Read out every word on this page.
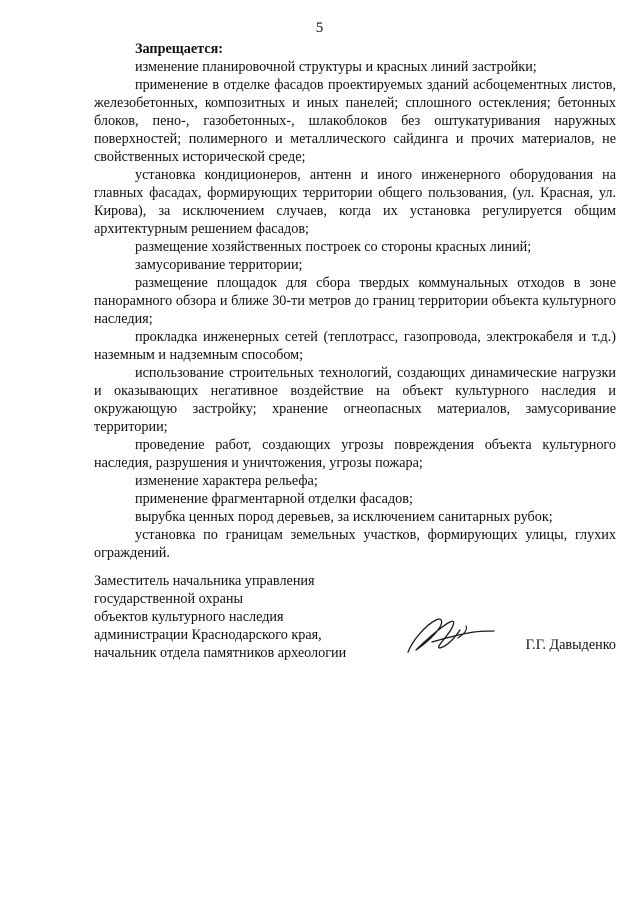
5

Запрещается:

изменение планировочной структуры и красных линий застройки;

применение в отделке фасадов проектируемых зданий асбоцементных листов, железобетонных, композитных и иных панелей; сплошного остекления; бетонных блоков, пено-, газобетонных-, шлакоблоков без оштукатуривания наружных поверхностей; полимерного и металлического сайдинга и прочих материалов, не свойственных исторической среде;

установка кондиционеров, антенн и иного инженерного оборудования на главных фасадах, формирующих территории общего пользования, (ул. Красная, ул. Кирова), за исключением случаев, когда их установка регулируется общим архитектурным решением фасадов;

размещение хозяйственных построек со стороны красных линий;

замусоривание территории;

размещение площадок для сбора твердых коммунальных отходов в зоне панорамного обзора и ближе 30-ти метров до границ территории объекта культурного наследия;

прокладка инженерных сетей (теплотрасс, газопровода, электрокабеля и т.д.) наземным и надземным способом;

использование строительных технологий, создающих динамические нагрузки и оказывающих негативное воздействие на объект культурного наследия и окружающую застройку; хранение огнеопасных материалов, замусоривание территории;

проведение работ, создающих угрозы повреждения объекта культурного наследия, разрушения и уничтожения, угрозы пожара;

изменение характера рельефа;

применение фрагментарной отделки фасадов;

вырубка ценных пород деревьев, за исключением санитарных рубок;

установка по границам земельных участков, формирующих улицы, глухих ограждений.

Заместитель начальника управления
государственной охраны
объектов культурного наследия
администрации Краснодарского края,
начальник отдела памятников археологии	Г.Г. Давыденко
